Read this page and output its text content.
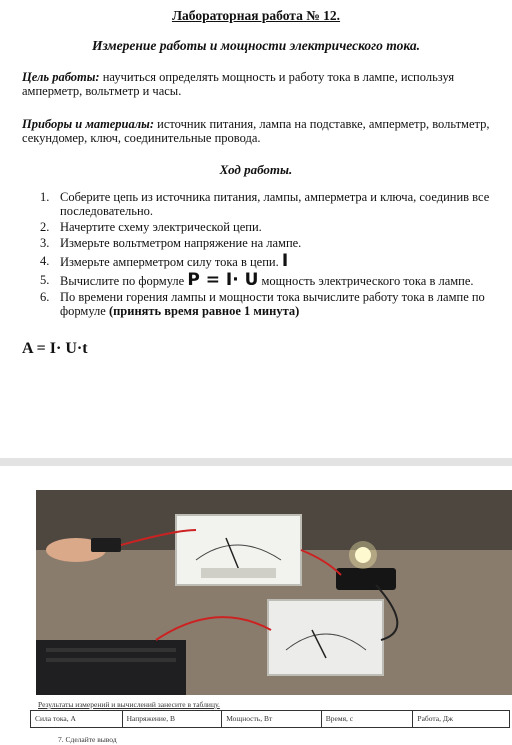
Лабораторная работа № 12.
Измерение работы и мощности электрического тока.
Цель работы: научиться определять мощность и работу тока в лампе, используя
амперметр, вольтметр и часы.
Приборы и материалы: источник питания, лампа на подставке, амперметр, вольтметр,
секундомер, ключ, соединительные провода.
Ход работы.
1. Соберите цепь из источника питания, лампы, амперметра и ключа, соединив все
последовательно.
2. Начертите схему электрической цепи.
3. Измерьте вольтметром напряжение на лампе.
4. Измерьте амперметром силу тока в цепи. I
5. Вычислите по формуле P = I· U мощность электрического тока в лампе.
6. По времени горения лампы и мощности тока вычислите работу тока в лампе по
формуле (принять время равное 1 минута)
A = I· U·t
Результаты измерений и вычислений занесите в таблицу.
Сила тока, А	Напряжение, В	Мощность, Вт	Время, с	Работа, Дж
7. Сделайте вывод
